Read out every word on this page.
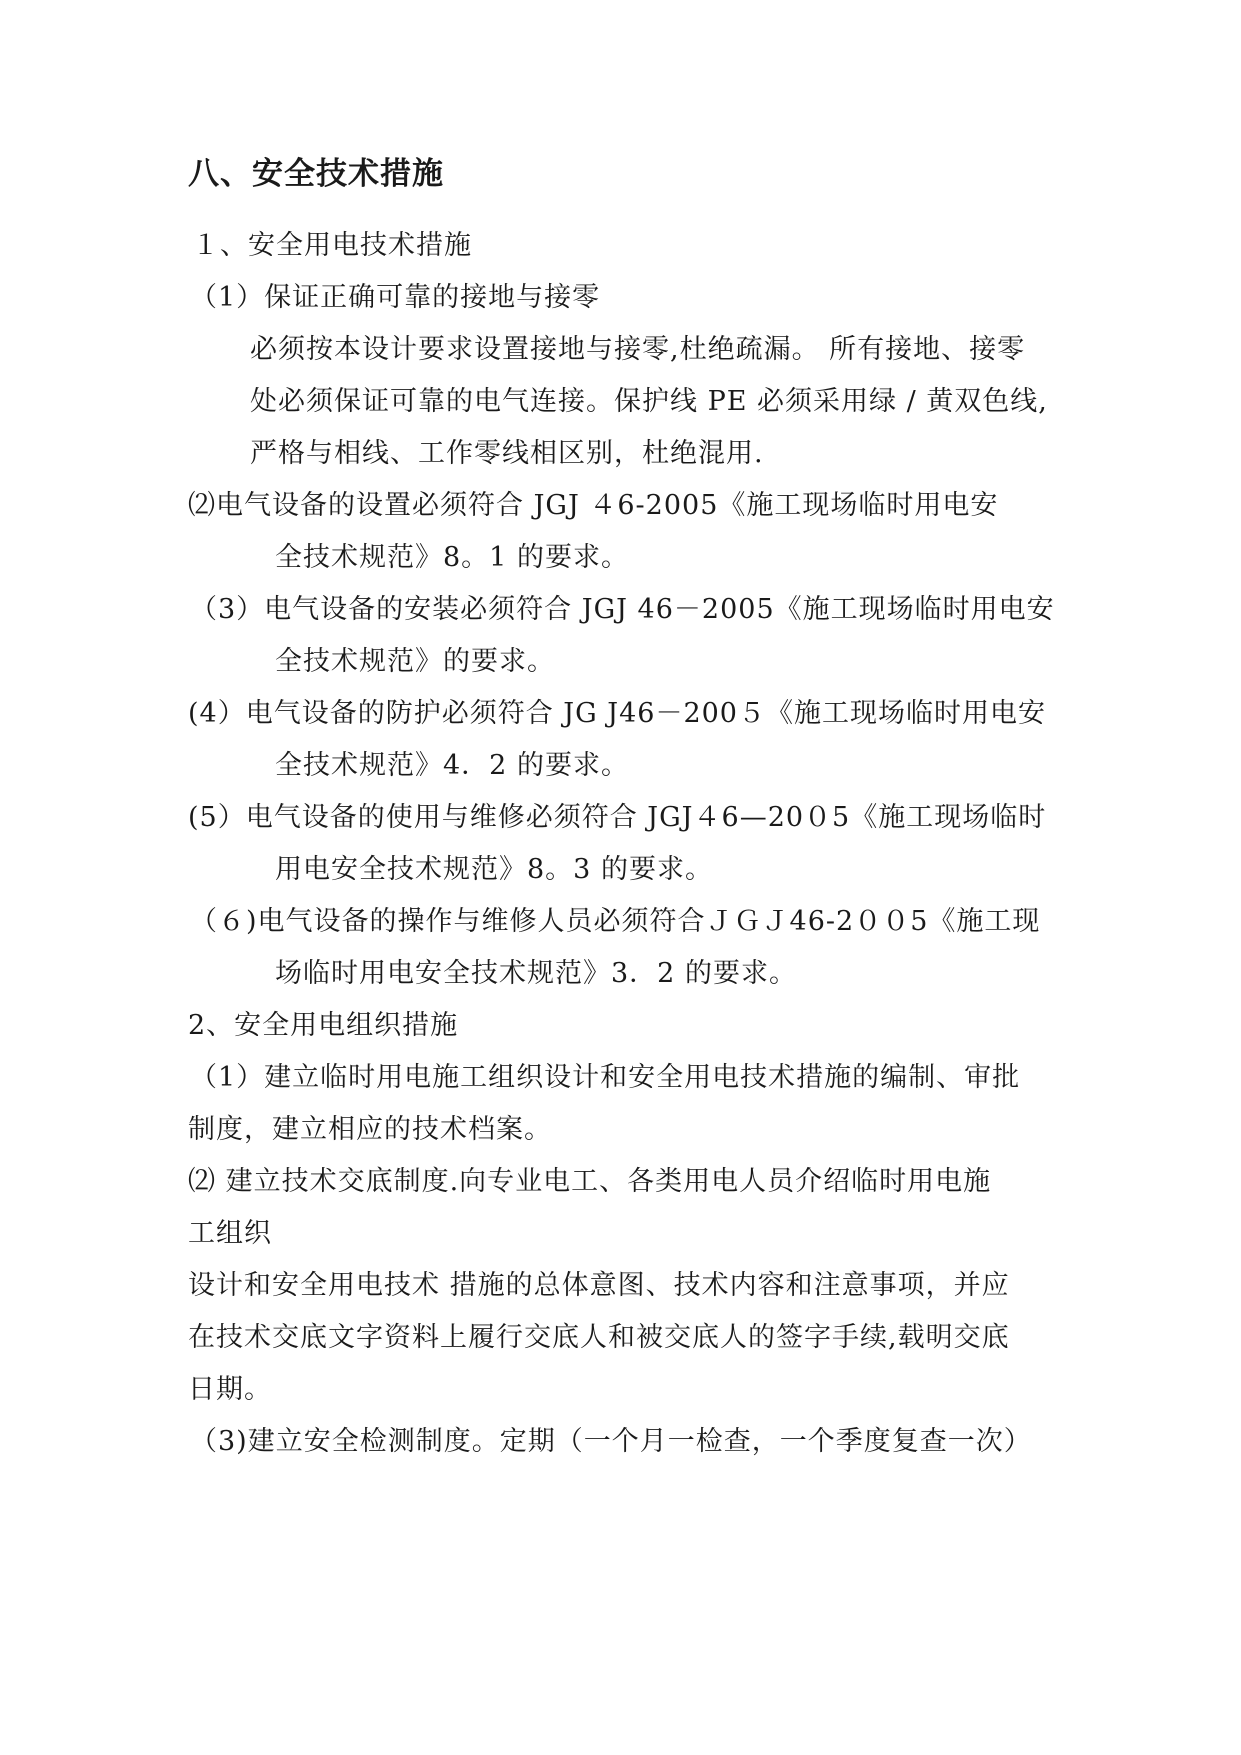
八、安全技术措施
１、安全用电技术措施
（1）保证正确可靠的接地与接零
必须按本设计要求设置接地与接零,杜绝疏漏。 所有接地、接零
处必须保证可靠的电气连接。保护线 PE 必须采用绿 / 黄双色线,
严格与相线、工作零线相区别，杜绝混用.
⑵电气设备的设置必须符合 JGJ ４6-2005《施工现场临时用电安
全技术规范》8。1 的要求。
（3）电气设备的安装必须符合 JGJ 46－2005《施工现场临时用电安
全技术规范》的要求。
(4）电气设备的防护必须符合 JG J46－200５《施工现场临时用电安
全技术规范》4．2 的要求。
(5）电气设备的使用与维修必须符合 JGJ４6—20０5《施工现场临时
用电安全技术规范》8。3 的要求。
（６)电气设备的操作与维修人员必须符合ＪＧＪ46-2００5《施工现
场临时用电安全技术规范》3．2 的要求。
2、安全用电组织措施
（1）建立临时用电施工组织设计和安全用电技术措施的编制、审批
制度，建立相应的技术档案。
⑵ 建立技术交底制度.向专业电工、各类用电人员介绍临时用电施
工组织
设计和安全用电技术 措施的总体意图、技术内容和注意事项，并应
在技术交底文字资料上履行交底人和被交底人的签字手续,载明交底
日期。
（3)建立安全检测制度。定期（一个月一检查，一个季度复查一次）
